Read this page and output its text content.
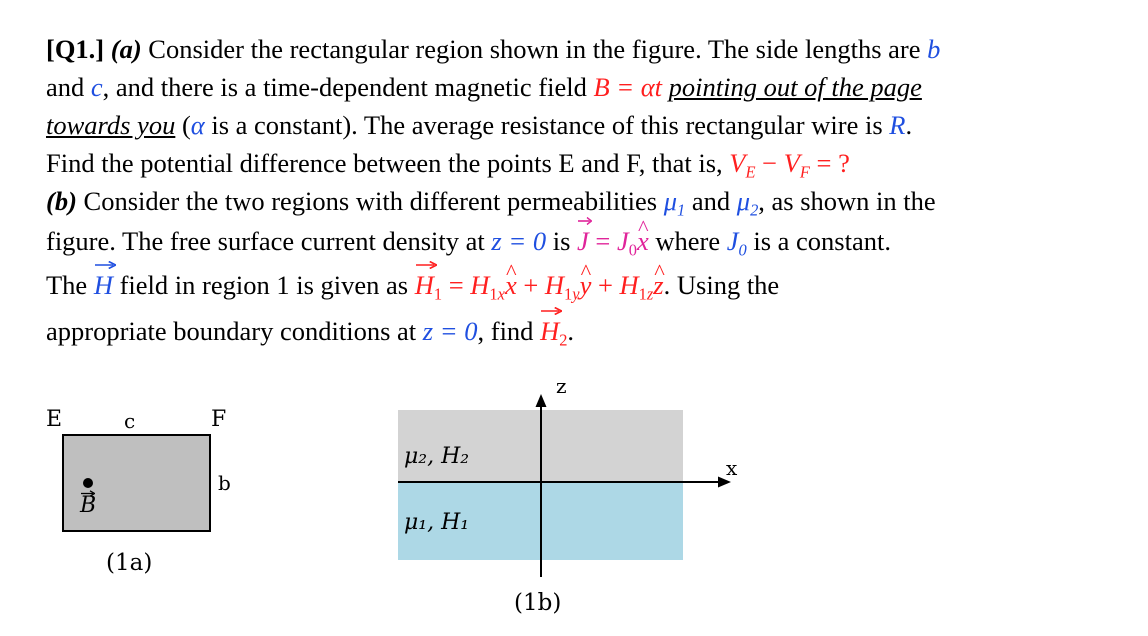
[Q1.] (a) Consider the rectangular region shown in the figure. The side lengths are b
and c, and there is a time-dependent magnetic field B = αt pointing out of the page
towards you (α is a constant). The average resistance of this rectangular wire is R.
Find the potential difference between the points E and F, that is, $V_E - V_F$ = ?
(b) Consider the two regions with different permeabilities $\mu_1$ and $\mu_2$, as shown in the
figure. The free surface current density at z = 0 is J
= $J_0\^{}$ x where $J_0$ is a constant.
The H
field in region 1 is given as H
$_1 = H_{1x}\^{}$ $x + H_{1y}\^{}$ $y + H_{1z}\^{}$ z. Using the
appropriate boundary conditions at z = 0, find H
$_2$.
E	c	F
b
B
(1a)
z
x
μ₂, H₂
μ₁, H₁
(1b)
